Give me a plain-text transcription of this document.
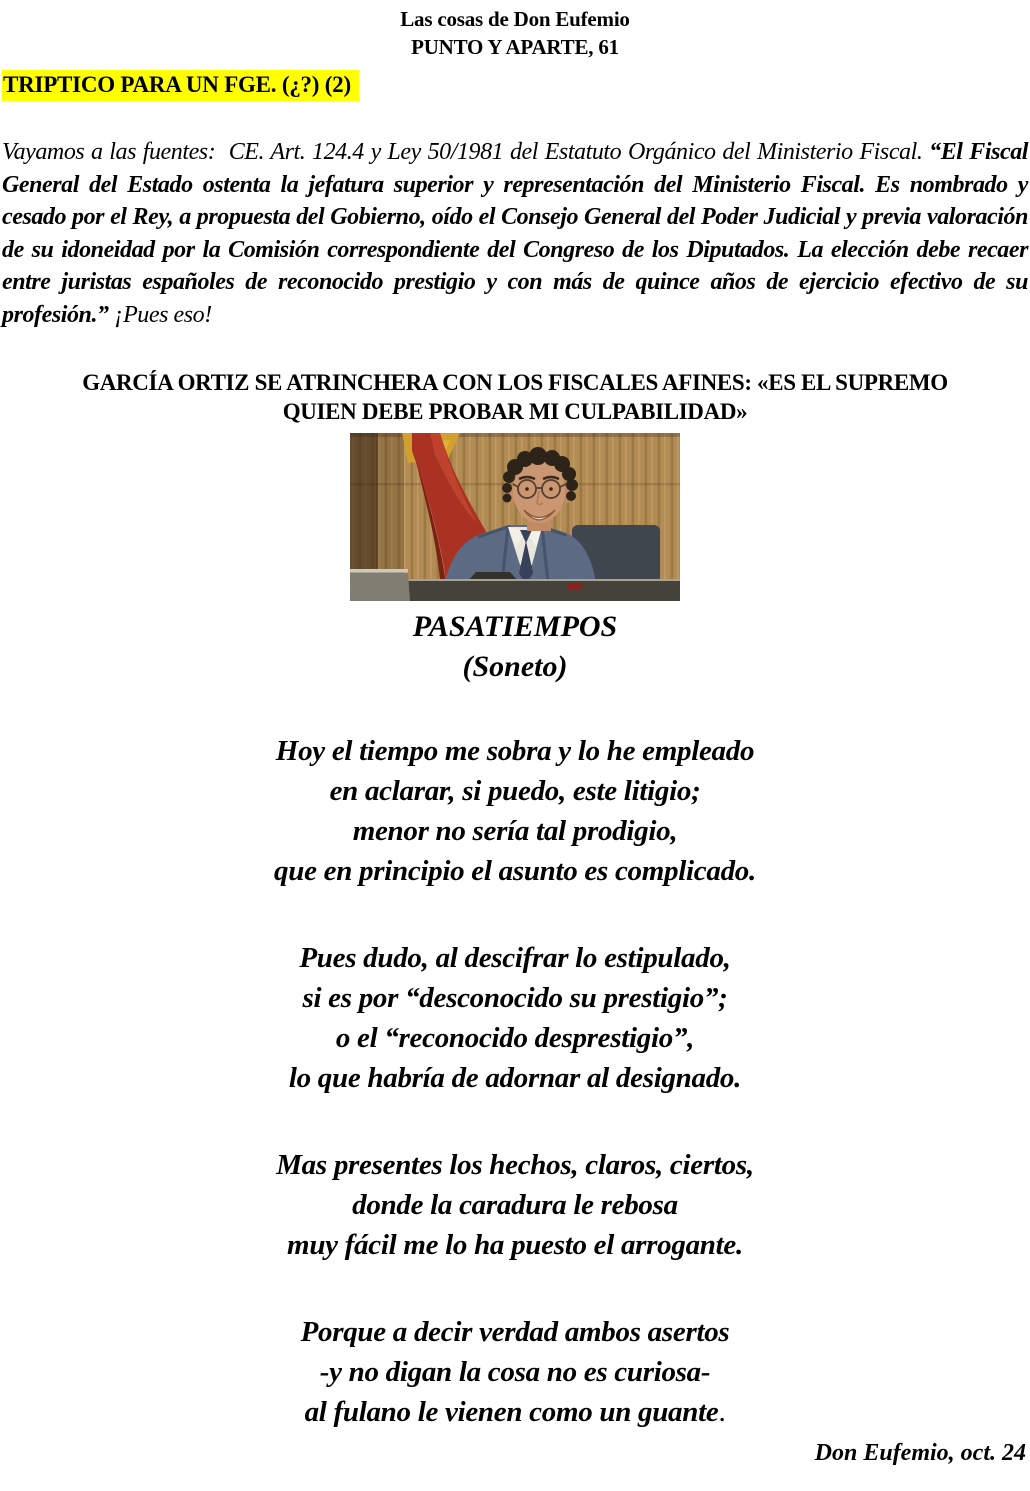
Las cosas de Don Eufemio
PUNTO Y APARTE, 61
TRIPTICO PARA UN FGE. (¿?) (2)

Vayamos a las fuentes:  CE. Art. 124.4 y Ley 50/1981 del Estatuto Orgánico del Ministerio Fiscal. “El Fiscal General del Estado ostenta la jefatura superior y representación del Ministerio Fiscal. Es nombrado y cesado por el Rey, a propuesta del Gobierno, oído el Consejo General del Poder Judicial y previa valoración de su idoneidad por la Comisión correspondiente del Congreso de los Diputados. La elección debe recaer entre juristas españoles de reconocido prestigio y con más de quince años de ejercicio efectivo de su profesión.” ¡Pues eso!

GARCÍA ORTIZ SE ATRINCHERA CON LOS FISCALES AFINES: «ES EL SUPREMO
QUIEN DEBE PROBAR MI CULPABILIDAD»
PASATIEMPOS
(Soneto)
Hoy el tiempo me sobra y lo he empleado
en aclarar, si puedo, este litigio;
menor no sería tal prodigio,
que en principio el asunto es complicado.
Pues dudo, al descifrar lo estipulado,
si es por “desconocido su prestigio”;
o el “reconocido desprestigio”,
lo que habría de adornar al designado.
Mas presentes los hechos, claros, ciertos,
donde la caradura le rebosa
muy fácil me lo ha puesto el arrogante.
Porque a decir verdad ambos asertos
-y no digan la cosa no es curiosa-
al fulano le vienen como un guante.
Don Eufemio, oct. 24
